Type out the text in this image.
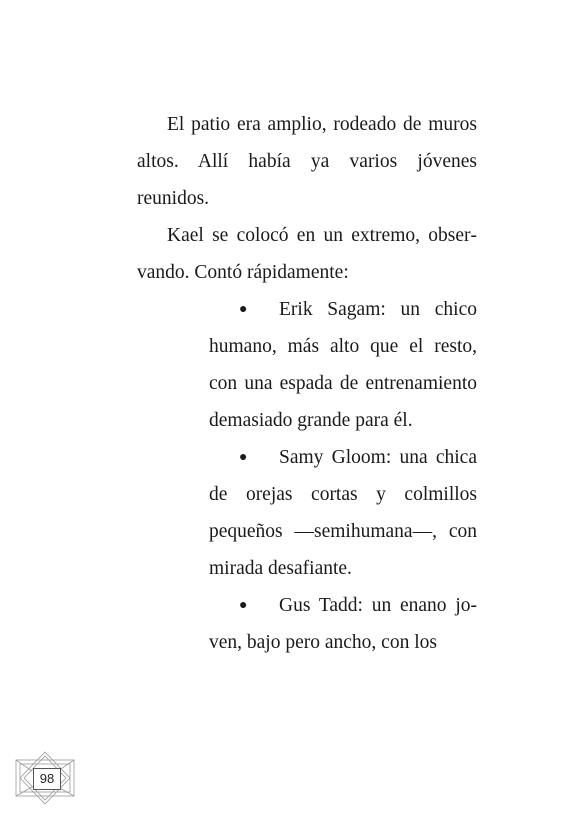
El patio era amplio, rodeado de muros altos. Allí había ya varios jóvenes reunidos.

Kael se colocó en un extremo, observando. Contó rápidamente:

● Erik Sagam: un chico humano, más alto que el resto, con una espada de entrenamiento demasiado grande para él.
● Samy Gloom: una chica de orejas cortas y colmillos pequeños —semihumana—, con mirada desafiante.
● Gus Tadd: un enano joven, bajo pero ancho, con los
98
